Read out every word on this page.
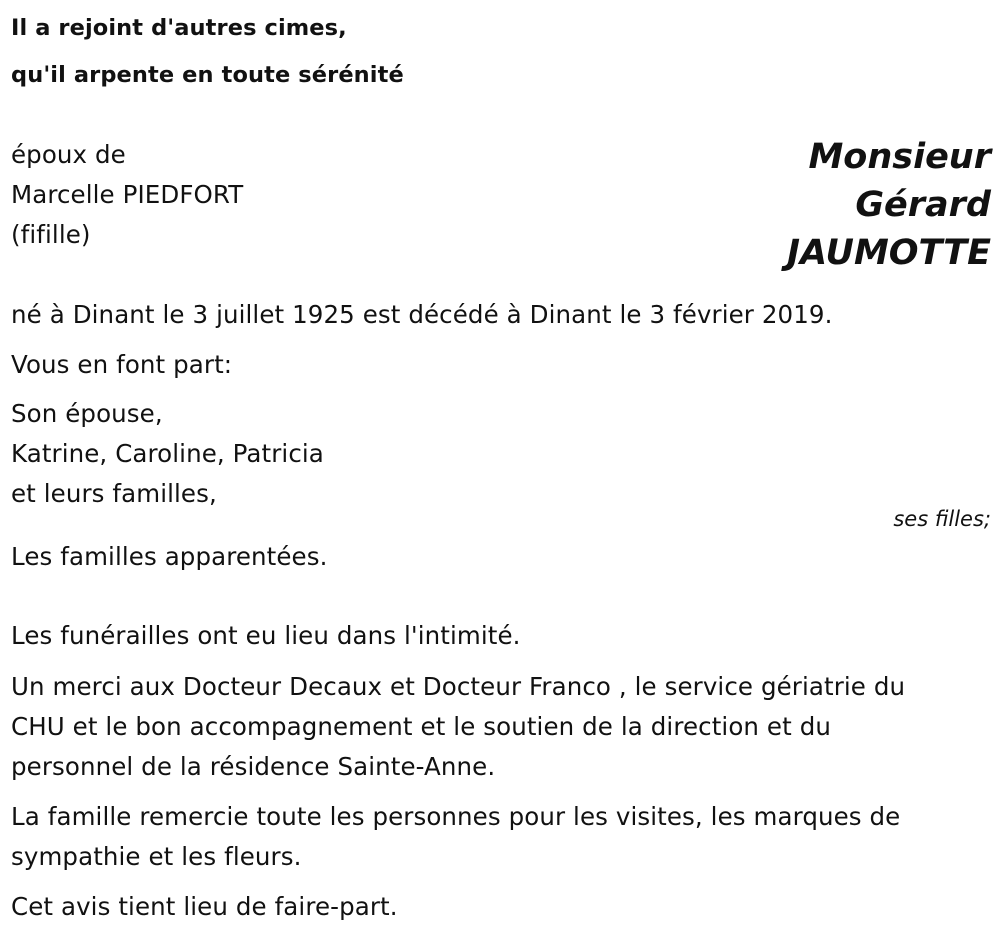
Il a rejoint d'autres cimes,
qu'il arpente en toute sérénité
époux de
Marcelle PIEDFORT
(fifille)
Monsieur
Gérard
JAUMOTTE
né à Dinant le 3 juillet 1925 est décédé à Dinant le 3 février 2019.
Vous en font part:
Son épouse,
Katrine, Caroline, Patricia
et leurs familles,
ses filles;
Les familles apparentées.
Les funérailles ont eu lieu dans l'intimité.
Un merci aux Docteur Decaux et Docteur Franco , le service gériatrie du
CHU et le bon accompagnement et le soutien de la direction et du
personnel de la résidence Sainte-Anne.
La famille remercie toute les personnes pour les visites, les marques de
sympathie et les fleurs.
Cet avis tient lieu de faire-part.
